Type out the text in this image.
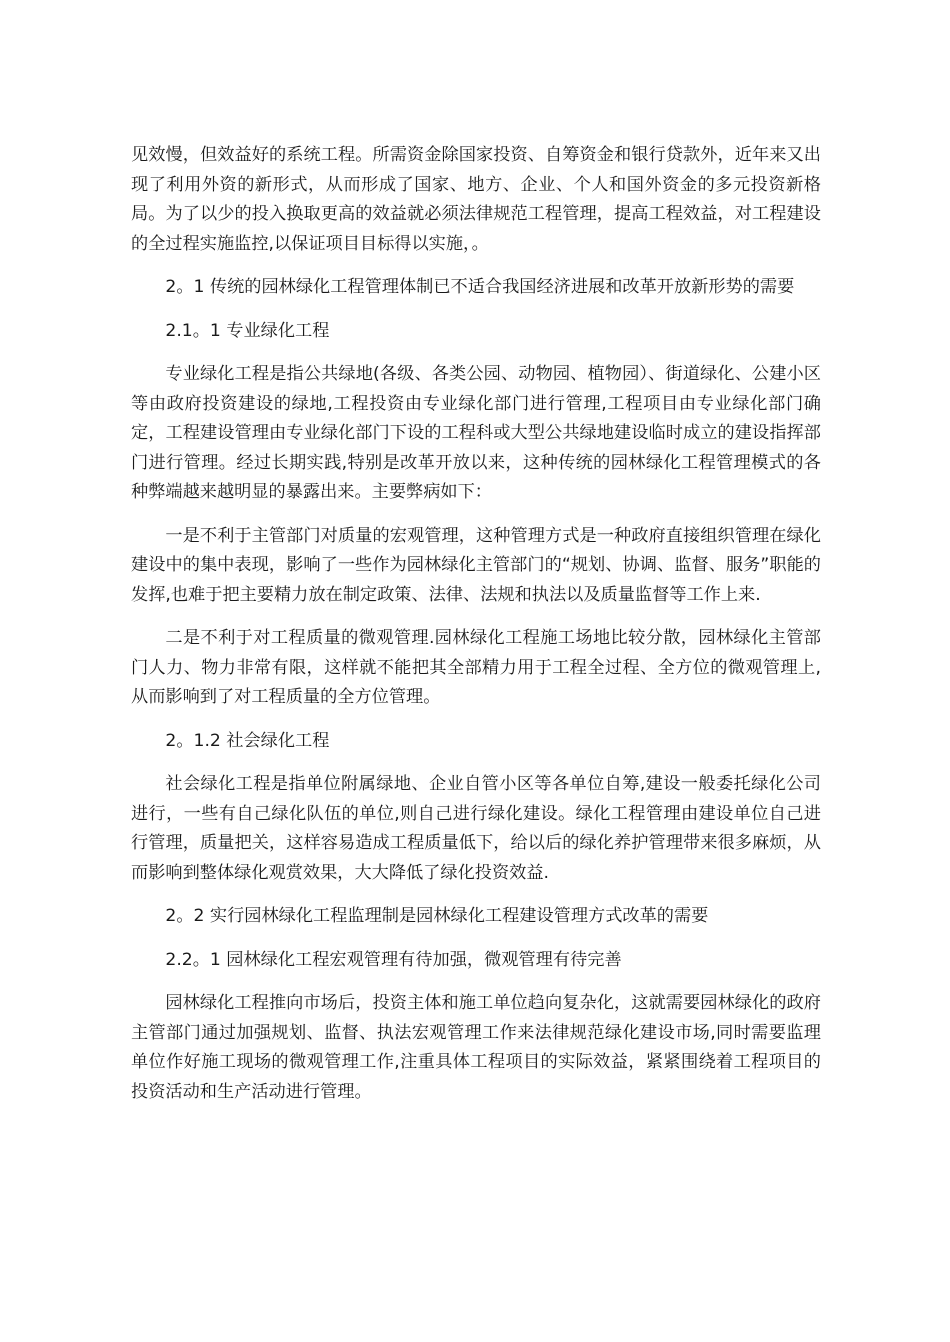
见效慢，但效益好的系统工程。所需资金除国家投资、自筹资金和银行贷款外，近年来又出现了利用外资的新形式，从而形成了国家、地方、企业、个人和国外资金的多元投资新格局。为了以少的投入换取更高的效益就必须法律规范工程管理，提高工程效益，对工程建设的全过程实施监控,以保证项目目标得以实施，。

2。1 传统的园林绿化工程管理体制已不适合我国经济进展和改革开放新形势的需要

2.1。1 专业绿化工程

专业绿化工程是指公共绿地(各级、各类公园、动物园、植物园）、街道绿化、公建小区等由政府投资建设的绿地,工程投资由专业绿化部门进行管理,工程项目由专业绿化部门确定，工程建设管理由专业绿化部门下设的工程科或大型公共绿地建设临时成立的建设指挥部门进行管理。经过长期实践,特别是改革开放以来，这种传统的园林绿化工程管理模式的各种弊端越来越明显的暴露出来。主要弊病如下：

一是不利于主管部门对质量的宏观管理，这种管理方式是一种政府直接组织管理在绿化建设中的集中表现，影响了一些作为园林绿化主管部门的“规划、协调、监督、服务”职能的发挥,也难于把主要精力放在制定政策、法律、法规和执法以及质量监督等工作上来.

二是不利于对工程质量的微观管理.园林绿化工程施工场地比较分散，园林绿化主管部门人力、物力非常有限，这样就不能把其全部精力用于工程全过程、全方位的微观管理上,从而影响到了对工程质量的全方位管理。

2。1.2 社会绿化工程

社会绿化工程是指单位附属绿地、企业自管小区等各单位自筹,建设一般委托绿化公司进行，一些有自己绿化队伍的单位,则自己进行绿化建设。绿化工程管理由建设单位自己进行管理，质量把关，这样容易造成工程质量低下，给以后的绿化养护管理带来很多麻烦，从而影响到整体绿化观赏效果，大大降低了绿化投资效益.

2。2 实行园林绿化工程监理制是园林绿化工程建设管理方式改革的需要

2.2。1 园林绿化工程宏观管理有待加强，微观管理有待完善

园林绿化工程推向市场后，投资主体和施工单位趋向复杂化，这就需要园林绿化的政府主管部门通过加强规划、监督、执法宏观管理工作来法律规范绿化建设市场,同时需要监理单位作好施工现场的微观管理工作,注重具体工程项目的实际效益，紧紧围绕着工程项目的投资活动和生产活动进行管理。
